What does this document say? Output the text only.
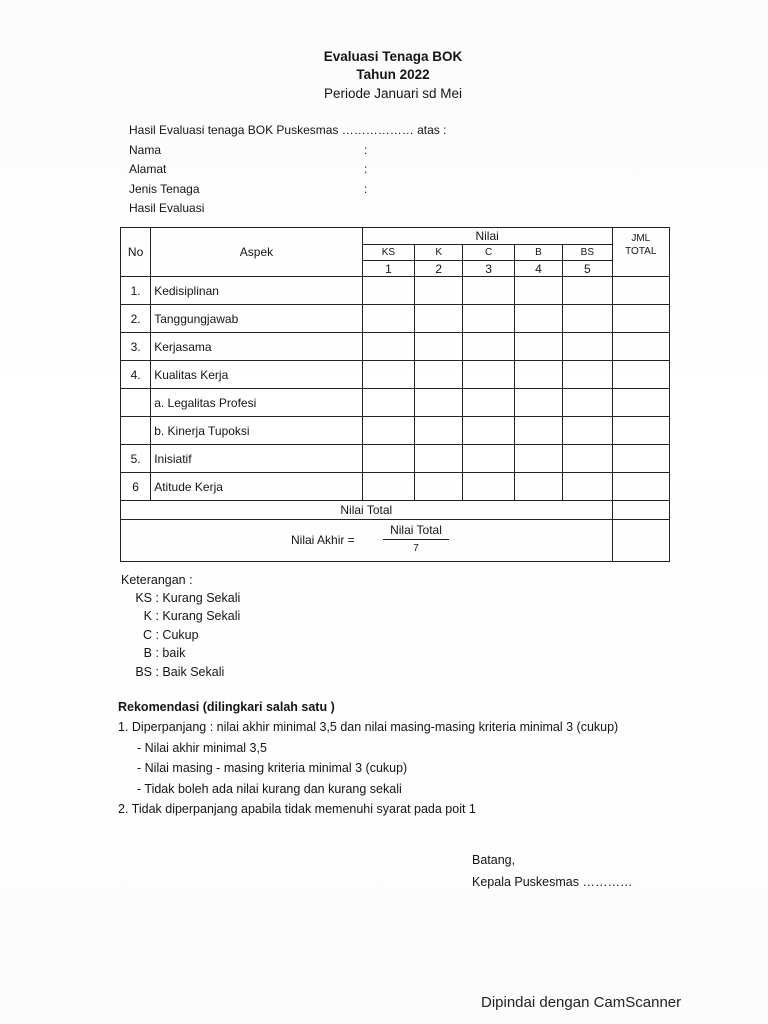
Evaluasi Tenaga BOK
Tahun 2022
Periode Januari sd Mei
Hasil Evaluasi tenaga BOK Puskesmas ……………… atas :
Nama	:
Alamat	:
Jenis Tenaga	:
Hasil Evaluasi
No	Aspek	Nilai					JML
TOTAL

		KS	K	C	B	BS	
		1	2	3	4	5	
1.	Kedisiplinan						
2.	Tanggungjawab						
3.	Kerjasama						
4.	Kualitas Kerja						
	a. Legalitas Profesi						
	b. Kinerja Tupoksi						
5.	Inisiatif						
6	Atitude Kerja						
Nilai Total							

Nilai Akhir =
Nilai Total
7							

Keterangan :
KS : Kurang Sekali
K : Kurang Sekali
C : Cukup
B : baik
BS : Baik Sekali
Rekomendasi (dilingkari salah satu )
1. Diperpanjang : nilai akhir minimal 3,5 dan nilai masing-masing kriteria minimal 3 (cukup)
- Nilai akhir minimal 3,5
- Nilai masing - masing kriteria minimal 3 (cukup)
- Tidak boleh ada nilai kurang dan kurang sekali
2. Tidak diperpanjang apabila tidak memenuhi syarat pada poit 1
Batang,
Kepala Puskesmas …………
Dipindai dengan CamScanner
